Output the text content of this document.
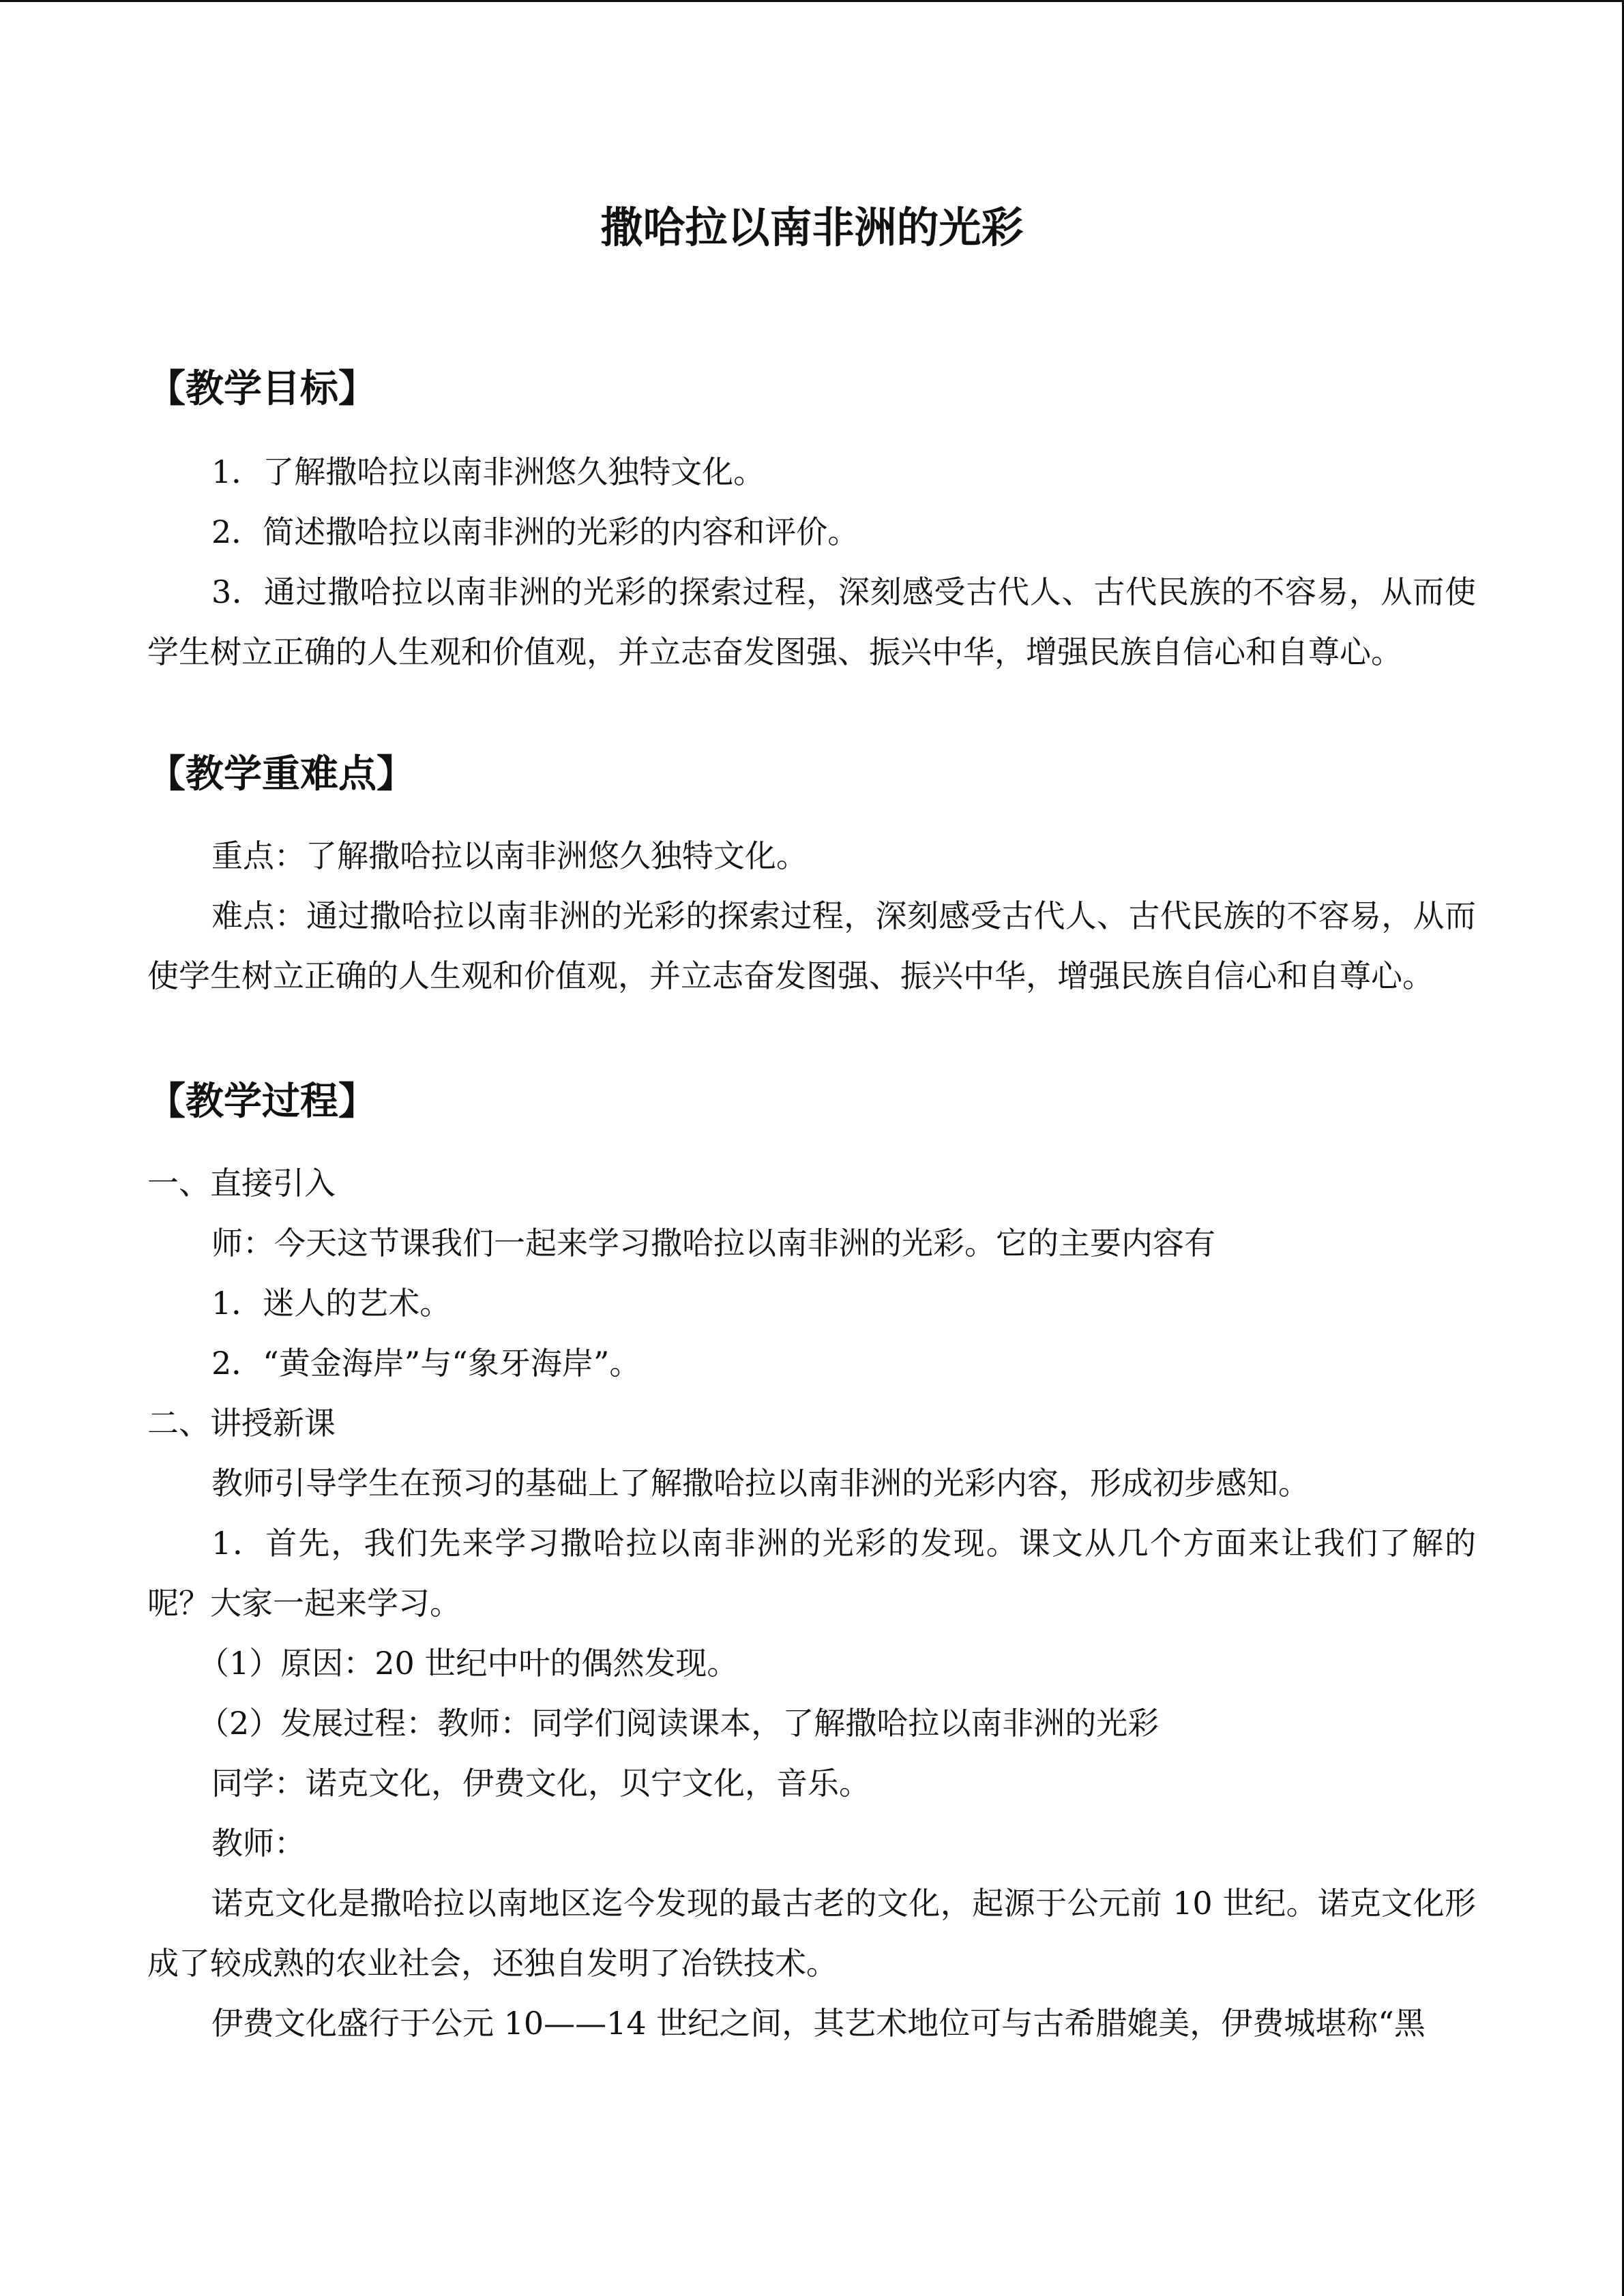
撒哈拉以南非洲的光彩
【教学目标】
1．了解撒哈拉以南非洲悠久独特文化。
2．简述撒哈拉以南非洲的光彩的内容和评价。
3．通过撒哈拉以南非洲的光彩的探索过程，深刻感受古代人、古代民族的不容易，从而使学生树立正确的人生观和价值观，并立志奋发图强、振兴中华，增强民族自信心和自尊心。
【教学重难点】
重点：了解撒哈拉以南非洲悠久独特文化。
难点：通过撒哈拉以南非洲的光彩的探索过程，深刻感受古代人、古代民族的不容易，从而使学生树立正确的人生观和价值观，并立志奋发图强、振兴中华，增强民族自信心和自尊心。
【教学过程】
一、直接引入
师：今天这节课我们一起来学习撒哈拉以南非洲的光彩。它的主要内容有
1．迷人的艺术。
2．“黄金海岸”与“象牙海岸”。
二、讲授新课
教师引导学生在预习的基础上了解撒哈拉以南非洲的光彩内容，形成初步感知。
1．首先，我们先来学习撒哈拉以南非洲的光彩的发现。课文从几个方面来让我们了解的呢？大家一起来学习。
（1）原因：20 世纪中叶的偶然发现。
（2）发展过程：教师：同学们阅读课本，了解撒哈拉以南非洲的光彩
同学：诺克文化，伊费文化，贝宁文化，音乐。
教师：
诺克文化是撒哈拉以南地区迄今发现的最古老的文化，起源于公元前 10 世纪。诺克文化形成了较成熟的农业社会，还独自发明了冶铁技术。
伊费文化盛行于公元 10——14 世纪之间，其艺术地位可与古希腊媲美，伊费城堪称“黑
